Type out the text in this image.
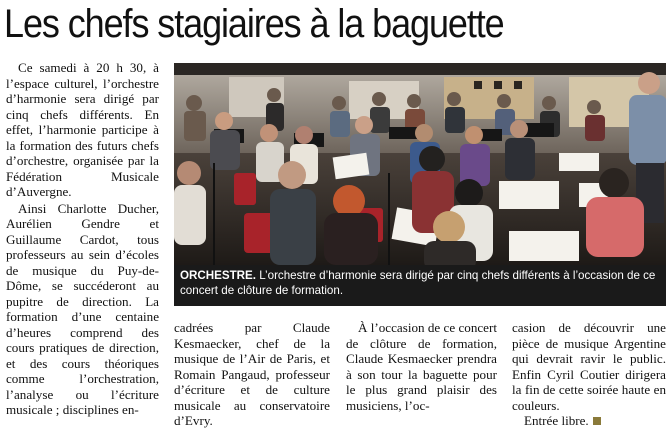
Les chefs stagiaires à la baguette

Ce samedi à 20 h 30, à l’espace culturel, l’orchestre d’harmonie sera dirigé par cinq chefs différents. En effet, l’harmonie participe à la formation des futurs chefs d’orchestre, organisée par la Fédération Musicale d’Auvergne.

Ainsi Charlotte Ducher, Aurélien Gendre et Guillaume Cardot, tous professeurs au sein d’écoles de musique du Puy-de-Dôme, se succéderont au pupitre de direction. La formation d’une centaine d’heures comprend des cours pratiques de direction, et des cours théoriques comme l’orchestration, l’analyse ou l’écriture musicale ; disciplines en-

ORCHESTRE. L’orchestre d’harmonie sera dirigé par cinq chefs différents à l’occasion de ce concert de clôture de formation.

cadrées par Claude Kesmaecker, chef de la musique de l’Air de Paris, et Romain Pangaud, professeur d’écriture et de culture musicale au conservatoire d’Evry.

À l’occasion de ce concert de clôture de formation, Claude Kesmaecker prendra à son tour la baguette pour le plus grand plaisir des musiciens, l’oc-

casion de découvrir une pièce de musique Argentine qui devrait ravir le public. Enfin Cyril Coutier dirigera la fin de cette soirée haute en couleurs.

Entrée libre.
